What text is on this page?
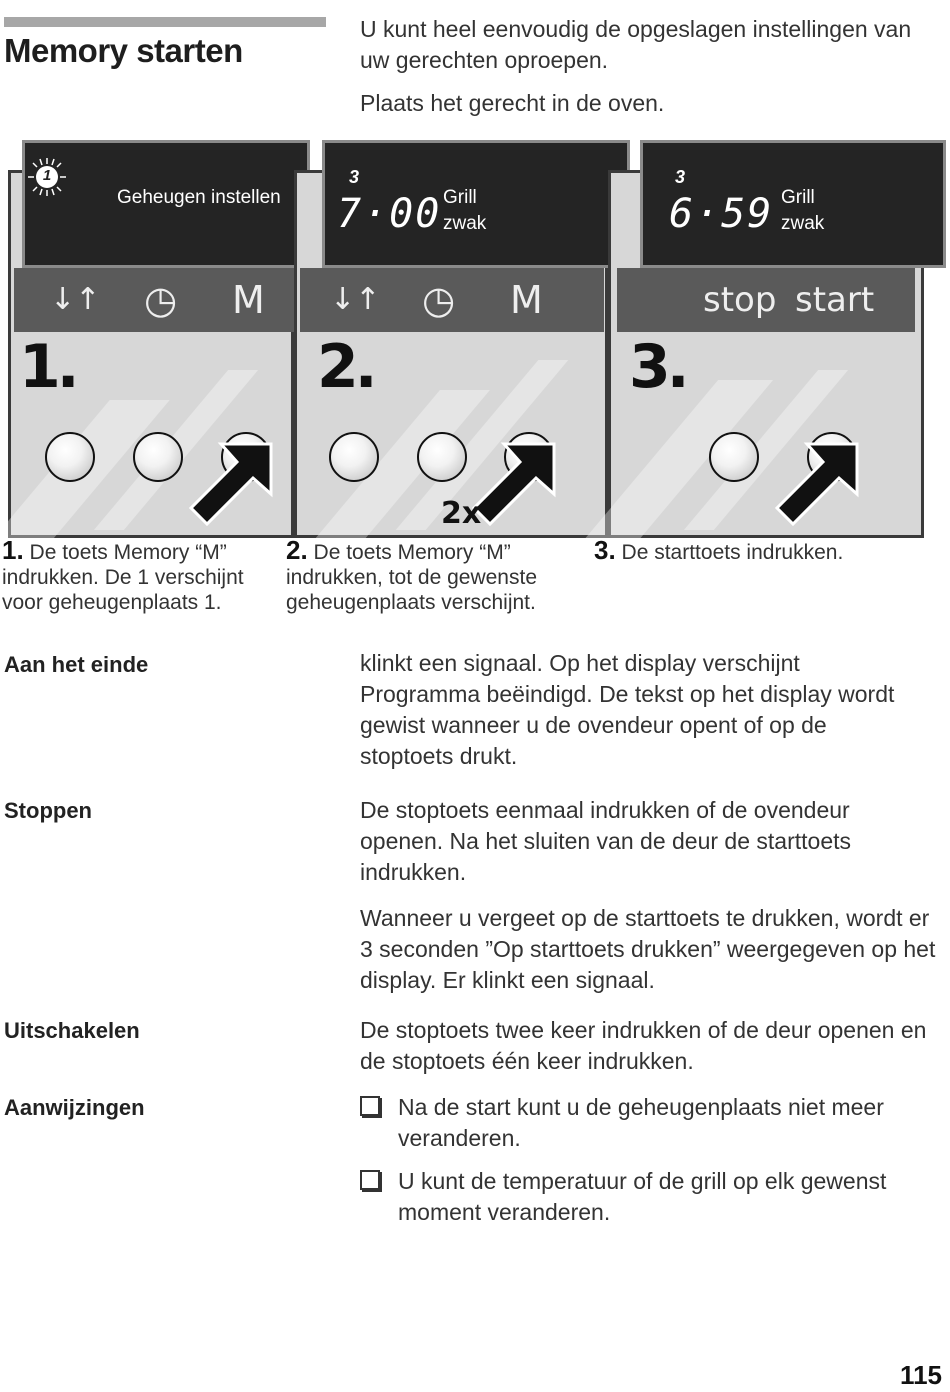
Memory starten
U kunt heel eenvoudig de opgeslagen instellingen van uw gerechten oproepen.
Plaats het gerecht in de oven.
↓↑ ◷ M
1.
1
Geheugen instellen
↓↑ ◷ M
2.
2x
3
7·00 Grill
zwak
stop start
3.
3
6·59 Grill
zwak
1. De toets Memory “M” indrukken. De 1 verschijnt voor geheugenplaats 1.
2. De toets Memory “M” indrukken, tot de gewenste geheugenplaats verschijnt.
3. De starttoets indrukken.
Aan het einde	klinkt een signaal. Op het display verschijnt Programma beëindigd. De tekst op het display wordt gewist wanneer u de ovendeur opent of op de stoptoets drukt.
Stoppen	De stoptoets eenmaal indrukken of de ovendeur openen. Na het sluiten van de deur de starttoets indrukken.
Wanneer u vergeet op de starttoets te drukken, wordt er 3 seconden ”Op starttoets drukken” weergegeven op het display. Er klinkt een signaal.
Uitschakelen	De stoptoets twee keer indrukken of de deur openen en de stoptoets één keer indrukken.
Aanwijzingen	Na de start kunt u de geheugenplaats niet meer veranderen.
U kunt de temperatuur of de grill op elk gewenst moment veranderen.
115
